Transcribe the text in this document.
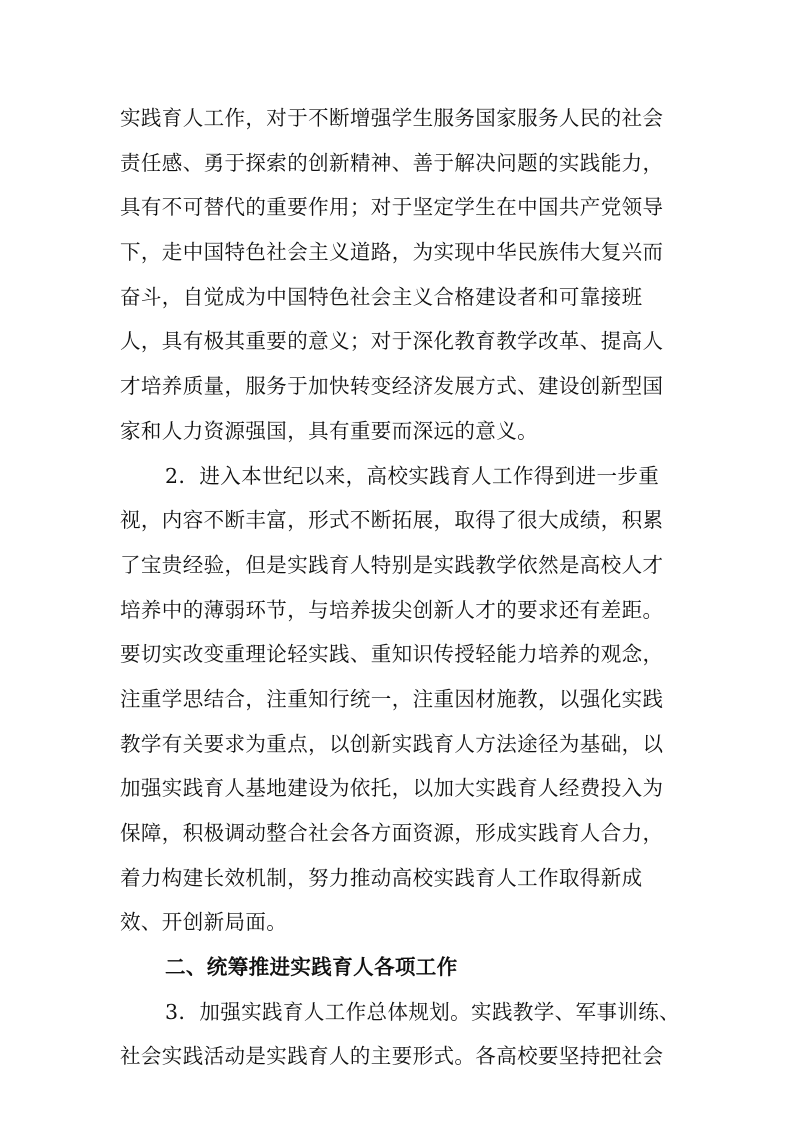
实践育人工作，对于不断增强学生服务国家服务人民的社会
责任感、勇于探索的创新精神、善于解决问题的实践能力，
具有不可替代的重要作用；对于坚定学生在中国共产党领导
下，走中国特色社会主义道路，为实现中华民族伟大复兴而
奋斗，自觉成为中国特色社会主义合格建设者和可靠接班
人，具有极其重要的意义；对于深化教育教学改革、提高人
才培养质量，服务于加快转变经济发展方式、建设创新型国
家和人力资源强国，具有重要而深远的意义。
2．进入本世纪以来，高校实践育人工作得到进一步重
视，内容不断丰富，形式不断拓展，取得了很大成绩，积累
了宝贵经验，但是实践育人特别是实践教学依然是高校人才
培养中的薄弱环节，与培养拔尖创新人才的要求还有差距。
要切实改变重理论轻实践、重知识传授轻能力培养的观念，
注重学思结合，注重知行统一，注重因材施教，以强化实践
教学有关要求为重点，以创新实践育人方法途径为基础，以
加强实践育人基地建设为依托，以加大实践育人经费投入为
保障，积极调动整合社会各方面资源，形成实践育人合力，
着力构建长效机制，努力推动高校实践育人工作取得新成
效、开创新局面。
二、统筹推进实践育人各项工作
3．加强实践育人工作总体规划。实践教学、军事训练、
社会实践活动是实践育人的主要形式。各高校要坚持把社会
